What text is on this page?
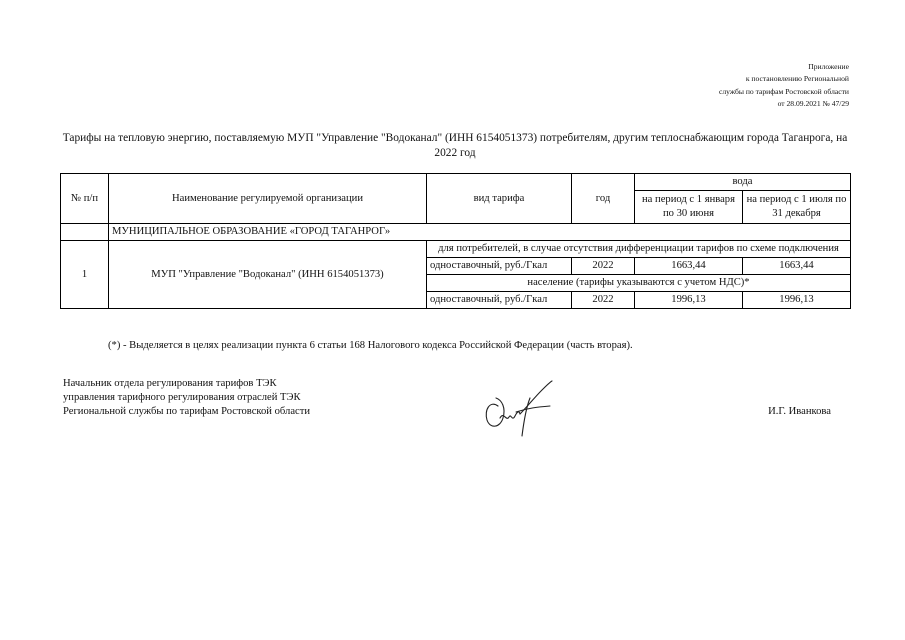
Приложение
к постановлению Региональной
службы по тарифам Ростовской области
от 28.09.2021 № 47/29
Тарифы на тепловую энергию, поставляемую МУП "Управление "Водоканал" (ИНН 6154051373) потребителям, другим теплоснабжающим города Таганрога, на
2022 год
№ п/п	Наименование регулируемой организации	вид тарифа	год	вода	
				на период с 1 января по 30 июня	на период с 1 июля по 31 декабря
	МУНИЦИПАЛЬНОЕ ОБРАЗОВАНИЕ «ГОРОД ТАГАНРОГ»				
1	МУП "Управление "Водоканал" (ИНН 6154051373)	для потребителей, в случае отсутствия дифференциации тарифов по схеме подключения			
		одноставочный, руб./Гкал	2022	1663,44	1663,44
		население (тарифы указываются с учетом НДС)*			
		одноставочный, руб./Гкал	2022	1996,13	1996,13
(*) - Выделяется в целях реализации пункта 6 статьи 168 Налогового кодекса Российской Федерации (часть вторая).
Начальник отдела регулирования тарифов ТЭК
управления тарифного регулирования отраслей ТЭК
Региональной службы по тарифам Ростовской области	И.Г. Иванкова
